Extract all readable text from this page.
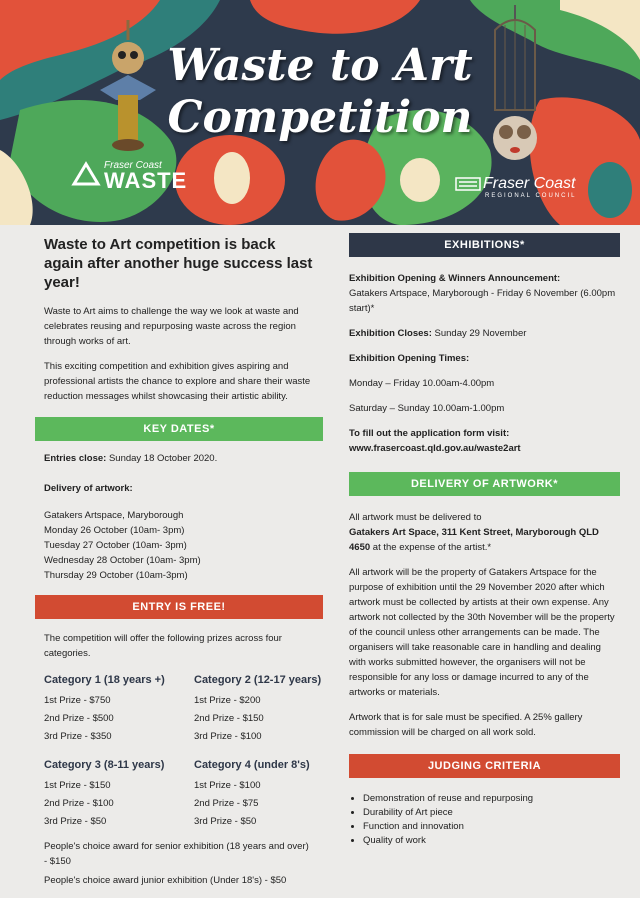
Waste to Art
Competition
Fraser Coast
WASTE	Fraser Coast
REGIONAL COUNCIL
Waste to Art competition is back again after another huge success last year!

Waste to Art aims to challenge the way we look at waste and celebrates reusing and repurposing waste across the region through works of art.

This exciting competition and exhibition gives aspiring and professional artists the chance to explore and share their waste reduction messages whilst showcasing their artistic ability.

KEY DATES*

Entries close: Sunday 18 October 2020.

Delivery of artwork:

Gatakers Artspace, Maryborough
Monday 26 October (10am- 3pm)
Tuesday 27 October (10am- 3pm)
Wednesday 28 October (10am- 3pm)
Thursday 29 October (10am-3pm)
ENTRY IS FREE!

The competition will offer the following prizes across four categories.

Category 1 (18 years +)
1st Prize - $750
2nd Prize - $500
3rd Prize - $350
Category 2 (12-17 years)
1st Prize - $200
2nd Prize - $150
3rd Prize - $100
Category 3 (8-11 years)
1st Prize - $150
2nd Prize - $100
3rd Prize - $50
Category 4 (under 8's)
1st Prize - $100
2nd Prize - $75
3rd Prize - $50

People's choice award for senior exhibition (18 years and over) - $150

People's choice award junior exhibition (Under 18's) - $50

EXHIBITIONS*
Exhibition Opening & Winners Announcement:

Gatakers Artspace, Maryborough - Friday 6 November (6.00pm start)*

Exhibition Closes: Sunday 29 November

Exhibition Opening Times:

Monday – Friday 10.00am-4.00pm

Saturday – Sunday 10.00am-1.00pm

To fill out the application form visit:

www.frasercoast.qld.gov.au/waste2art

DELIVERY OF ARTWORK*

All artwork must be delivered to
Gatakers Art Space, 311 Kent Street, Maryborough QLD 4650 at the expense of the artist.*

All artwork will be the property of Gatakers Artspace for the purpose of exhibition until the 29 November 2020 after which artwork must be collected by artists at their own expense. Any artwork not collected by the 30th November will be the property of the council unless other arrangements can be made. The organisers will take reasonable care in handling and dealing with works submitted however, the organisers will not be responsible for any loss or damage incurred to any of the artworks or materials.

Artwork that is for sale must be specified. A 25% gallery commission will be charged on all work sold.

JUDGING CRITERIA
• Demonstration of reuse and repurposing
• Durability of Art piece
• Function and innovation
• Quality of work
